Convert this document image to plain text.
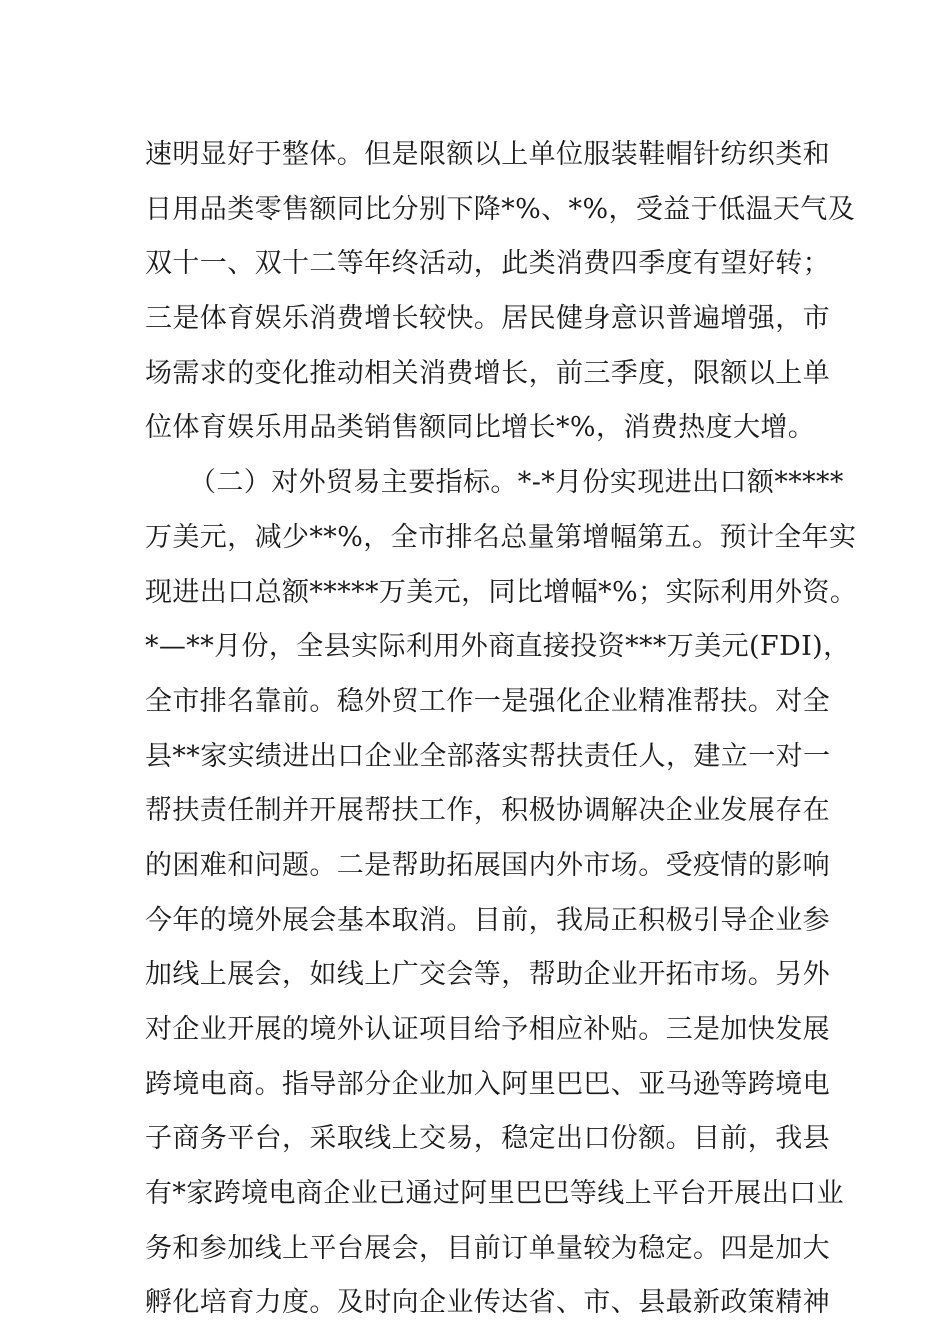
速明显好于整体。但是限额以上单位服装鞋帽针纺织类和
日用品类零售额同比分别下降*%、*%，受益于低温天气及
双十一、双十二等年终活动，此类消费四季度有望好转；
三是体育娱乐消费增长较快。居民健身意识普遍增强，市
场需求的变化推动相关消费增长，前三季度，限额以上单
位体育娱乐用品类销售额同比增长*%，消费热度大增。
（二）对外贸易主要指标。*-*月份实现进出口额*****
万美元，减少**%，全市排名总量第增幅第五。预计全年实
现进出口总额*****万美元，同比增幅*%；实际利用外资。
*—**月份，全县实际利用外商直接投资***万美元(FDI)，
全市排名靠前。稳外贸工作一是强化企业精准帮扶。对全
县**家实绩进出口企业全部落实帮扶责任人，建立一对一
帮扶责任制并开展帮扶工作，积极协调解决企业发展存在
的困难和问题。二是帮助拓展国内外市场。受疫情的影响
今年的境外展会基本取消。目前，我局正积极引导企业参
加线上展会，如线上广交会等，帮助企业开拓市场。另外
对企业开展的境外认证项目给予相应补贴。三是加快发展
跨境电商。指导部分企业加入阿里巴巴、亚马逊等跨境电
子商务平台，采取线上交易，稳定出口份额。目前，我县
有*家跨境电商企业已通过阿里巴巴等线上平台开展出口业
务和参加线上平台展会，目前订单量较为稳定。四是加大
孵化培育力度。及时向企业传达省、市、县最新政策精神
